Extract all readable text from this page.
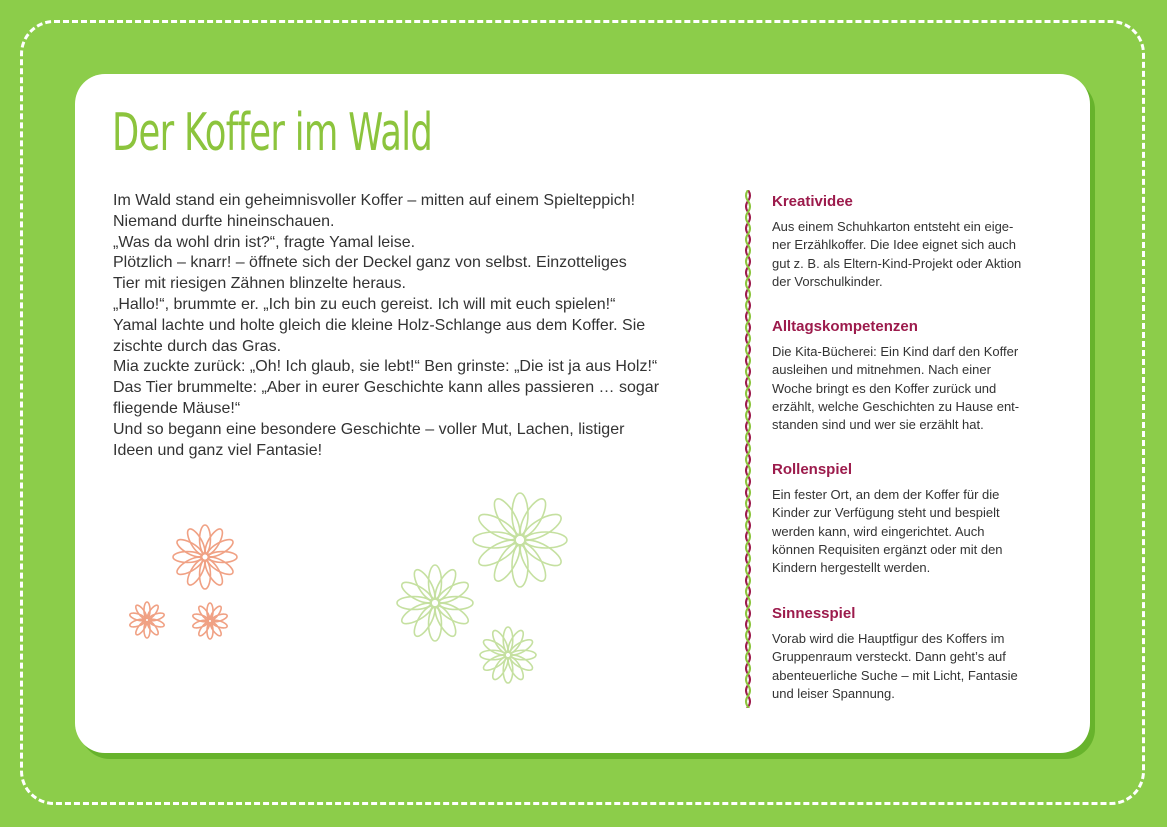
Der Koffer im Wald
Im Wald stand ein geheimnisvoller Koffer – mitten auf einem Spielteppich!
Niemand durfte hineinschauen.
„Was da wohl drin ist?“, fragte Yamal leise.
Plötzlich – knarr! – öffnete sich der Deckel ganz von selbst. Einzotteliges
Tier mit riesigen Zähnen blinzelte heraus.
„Hallo!“, brummte er. „Ich bin zu euch gereist. Ich will mit euch spielen!“
Yamal lachte und holte gleich die kleine Holz-Schlange aus dem Koffer. Sie
zischte durch das Gras.
Mia zuckte zurück: „Oh! Ich glaub, sie lebt!“ Ben grinste: „Die ist ja aus Holz!“
Das Tier brummelte: „Aber in eurer Geschichte kann alles passieren … sogar
fliegende Mäuse!“
Und so begann eine besondere Geschichte – voller Mut, Lachen, listiger
Ideen und ganz viel Fantasie!
Kreatividee
Aus einem Schuhkarton entsteht ein eige-
ner Erzählkoffer. Die Idee eignet sich auch
gut z. B. als Eltern-Kind-Projekt oder Aktion
der Vorschulkinder.
Alltagskompetenzen
Die Kita-Bücherei: Ein Kind darf den Koffer
ausleihen und mitnehmen. Nach einer
Woche bringt es den Koffer zurück und
erzählt, welche Geschichten zu Hause ent-
standen sind und wer sie erzählt hat.
Rollenspiel
Ein fester Ort, an dem der Koffer für die
Kinder zur Verfügung steht und bespielt
werden kann, wird eingerichtet. Auch
können Requisiten ergänzt oder mit den
Kindern hergestellt werden.
Sinnesspiel
Vorab wird die Hauptfigur des Koffers im
Gruppenraum versteckt. Dann geht’s auf
abenteuerliche Suche – mit Licht, Fantasie
und leiser Spannung.
